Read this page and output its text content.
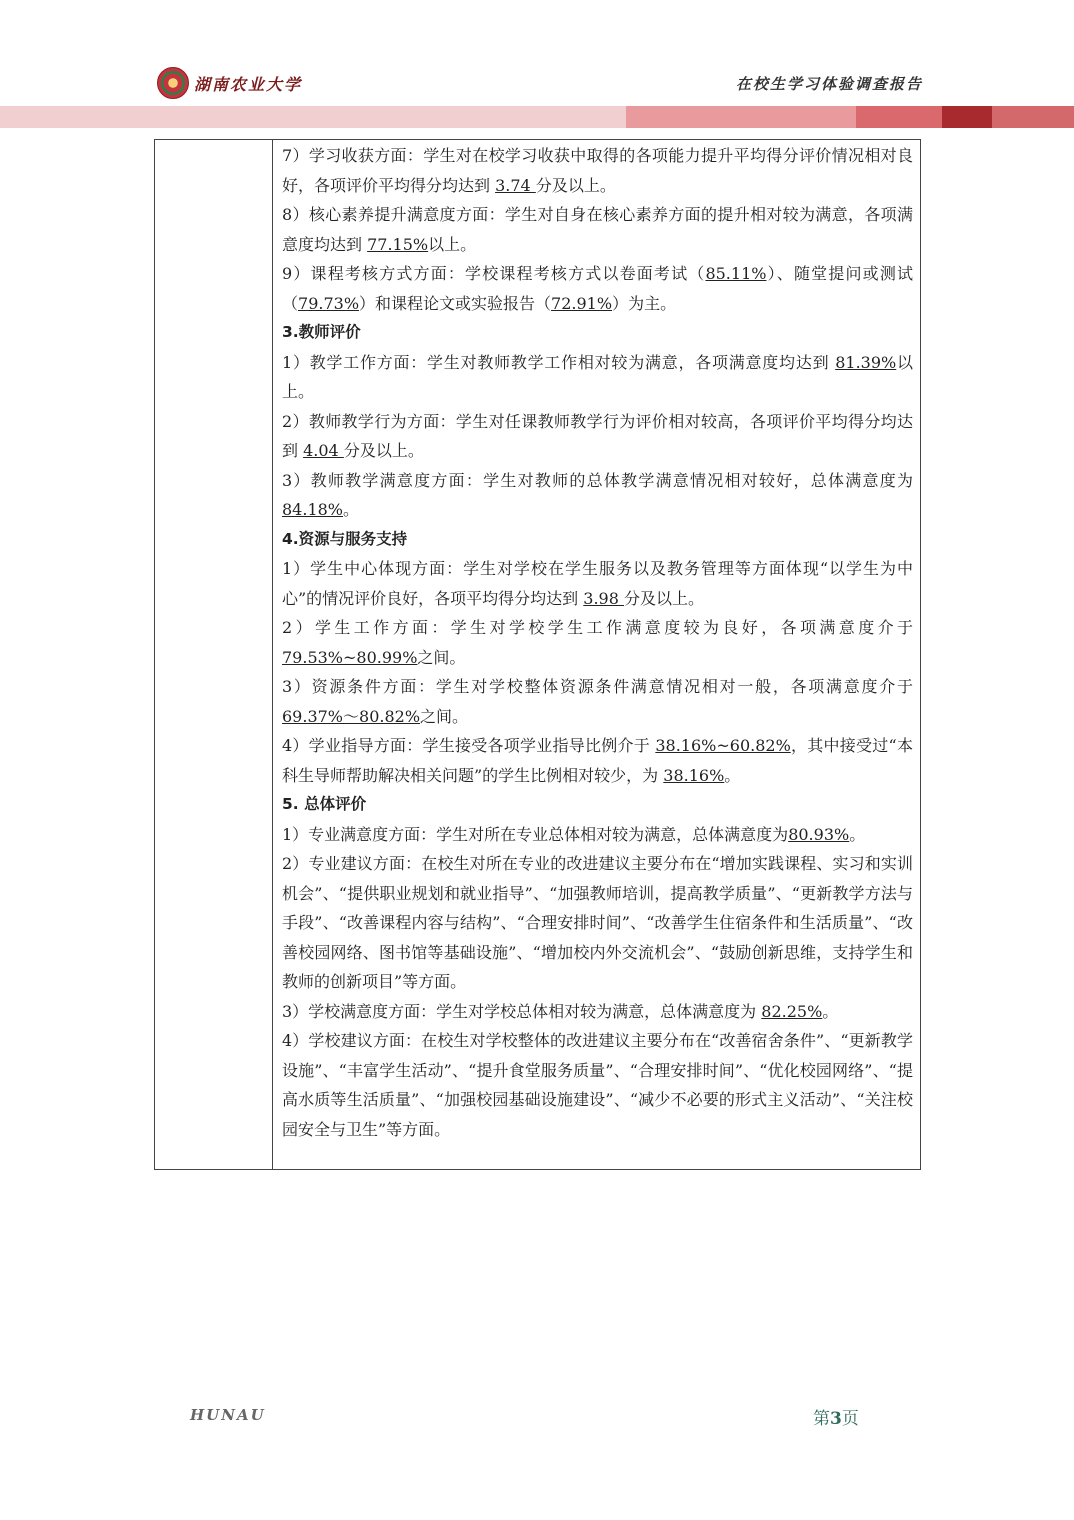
湖南农业大学	在校生学习体验调查报告

7）学习收获方面：学生对在校学习收获中取得的各项能力提升平均得分评价情况相对良好，各项评价平均得分均达到 3.74 分及以上。

8）核心素养提升满意度方面：学生对自身在核心素养方面的提升相对较为满意，各项满意度均达到 77.15%以上。

9）课程考核方式方面：学校课程考核方式以卷面考试（85.11%）、随堂提问或测试（79.73%）和课程论文或实验报告（72.91%）为主。

3.教师评价

1）教学工作方面：学生对教师教学工作相对较为满意，各项满意度均达到 81.39%以上。

2）教师教学行为方面：学生对任课教师教学行为评价相对较高，各项评价平均得分均达到 4.04 分及以上。

3）教师教学满意度方面：学生对教师的总体教学满意情况相对较好，总体满意度为 84.18%。

4.资源与服务支持

1）学生中心体现方面：学生对学校在学生服务以及教务管理等方面体现“以学生为中心”的情况评价良好，各项平均得分均达到 3.98 分及以上。

2）学生工作方面：学生对学校学生工作满意度较为良好，各项满意度介于79.53%~80.99%之间。

3）资源条件方面：学生对学校整体资源条件满意情况相对一般，各项满意度介于69.37%～80.82%之间。

4）学业指导方面：学生接受各项学业指导比例介于 38.16%~60.82%，其中接受过“本科生导师帮助解决相关问题”的学生比例相对较少，为 38.16%。

5. 总体评价

1）专业满意度方面：学生对所在专业总体相对较为满意，总体满意度为80.93%。

2）专业建议方面：在校生对所在专业的改进建议主要分布在“增加实践课程、实习和实训机会”、“提供职业规划和就业指导”、“加强教师培训，提高教学质量”、“更新教学方法与手段”、“改善课程内容与结构”、“合理安排时间”、“改善学生住宿条件和生活质量”、“改善校园网络、图书馆等基础设施”、“增加校内外交流机会”、“鼓励创新思维，支持学生和教师的创新项目”等方面。

3）学校满意度方面：学生对学校总体相对较为满意，总体满意度为 82.25%。

4）学校建议方面：在校生对学校整体的改进建议主要分布在“改善宿舍条件”、“更新教学设施”、“丰富学生活动”、“提升食堂服务质量”、“合理安排时间”、“优化校园网络”、“提高水质等生活质量”、“加强校园基础设施建设”、“减少不必要的形式主义活动”、“关注校园安全与卫生”等方面。

HUNAU	第3页
